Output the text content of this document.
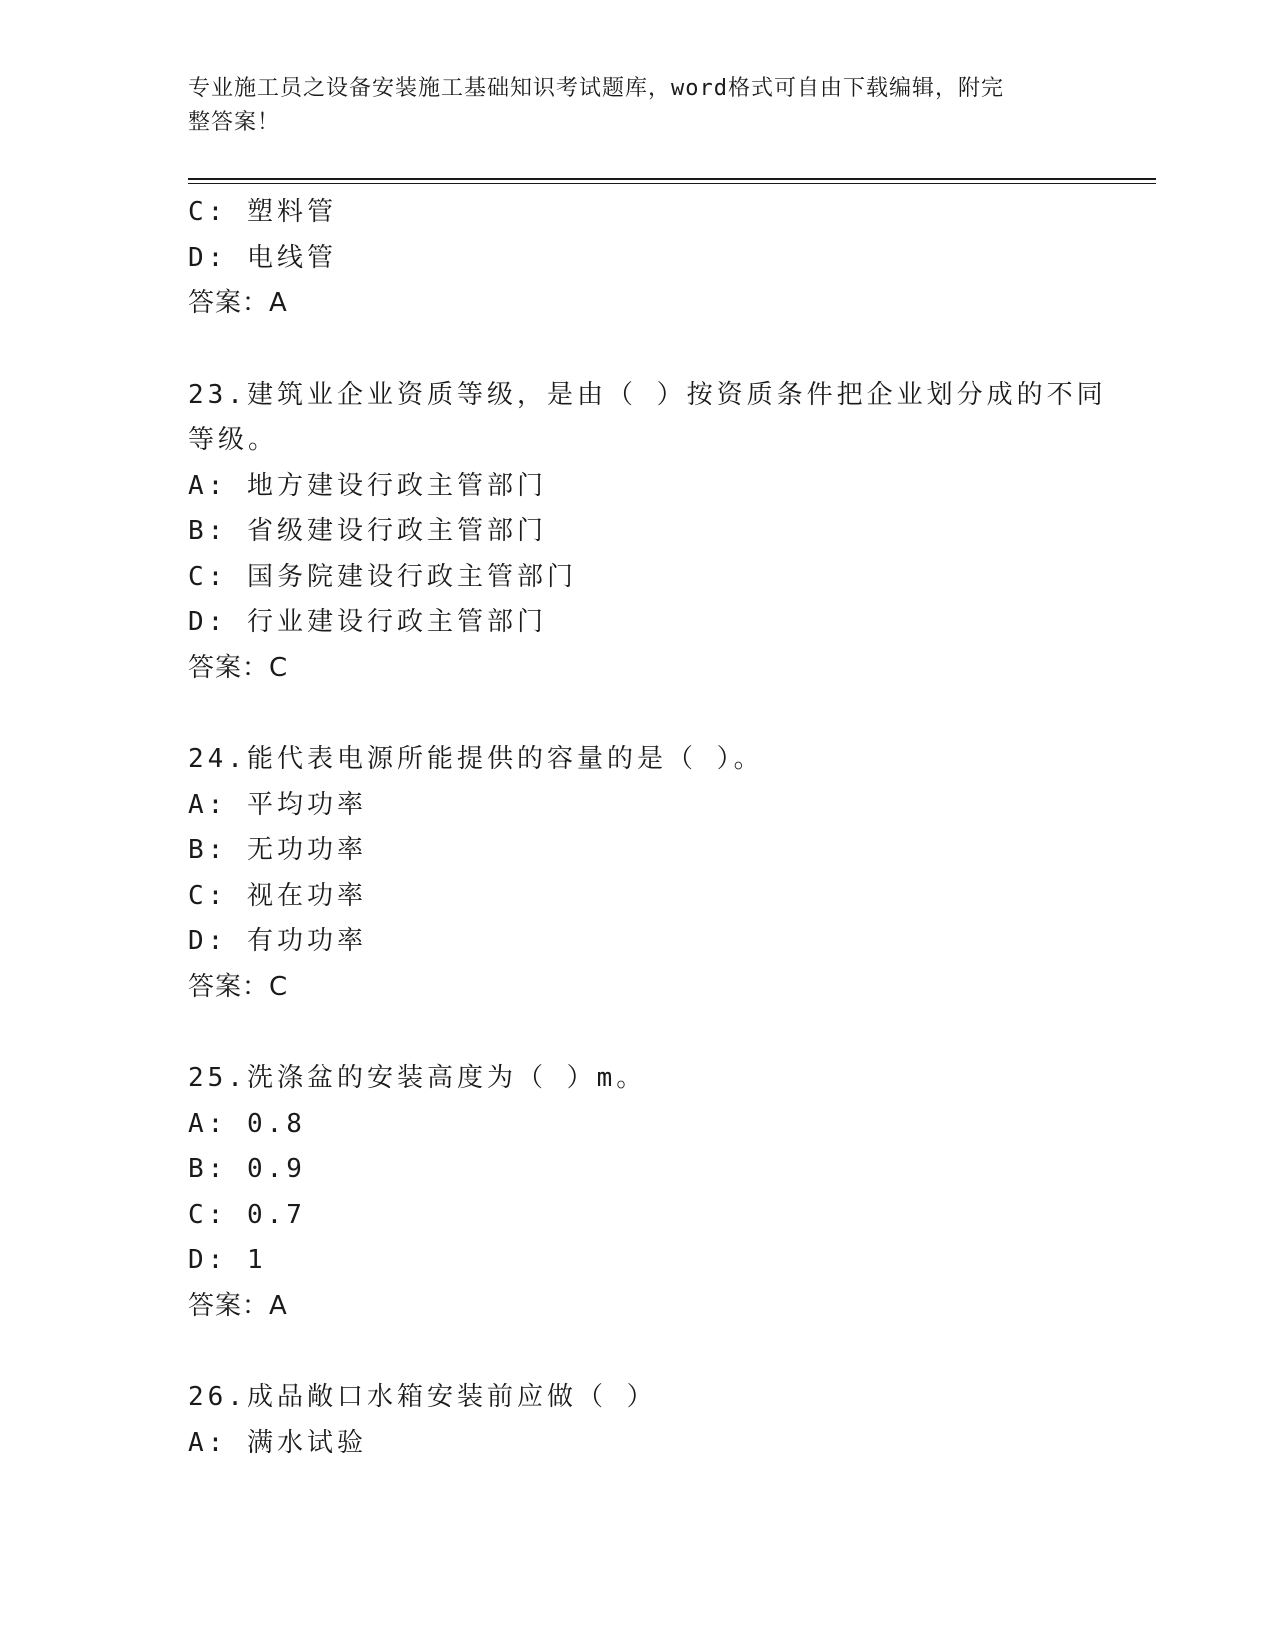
专业施工员之设备安装施工基础知识考试题库，word格式可自由下载编辑，附完
整答案！
C: 塑料管
D: 电线管
答案：A
23.建筑业企业资质等级，是由（ ）按资质条件把企业划分成的不同
等级。
A: 地方建设行政主管部门
B: 省级建设行政主管部门
C: 国务院建设行政主管部门
D: 行业建设行政主管部门
答案：C
24.能代表电源所能提供的容量的是（ ）。
A: 平均功率
B: 无功功率
C: 视在功率
D: 有功功率
答案：C
25.洗涤盆的安装高度为（ ）m。
A: 0.8
B: 0.9
C: 0.7
D: 1
答案：A
26.成品敞口水箱安装前应做（ ）
A: 满水试验
